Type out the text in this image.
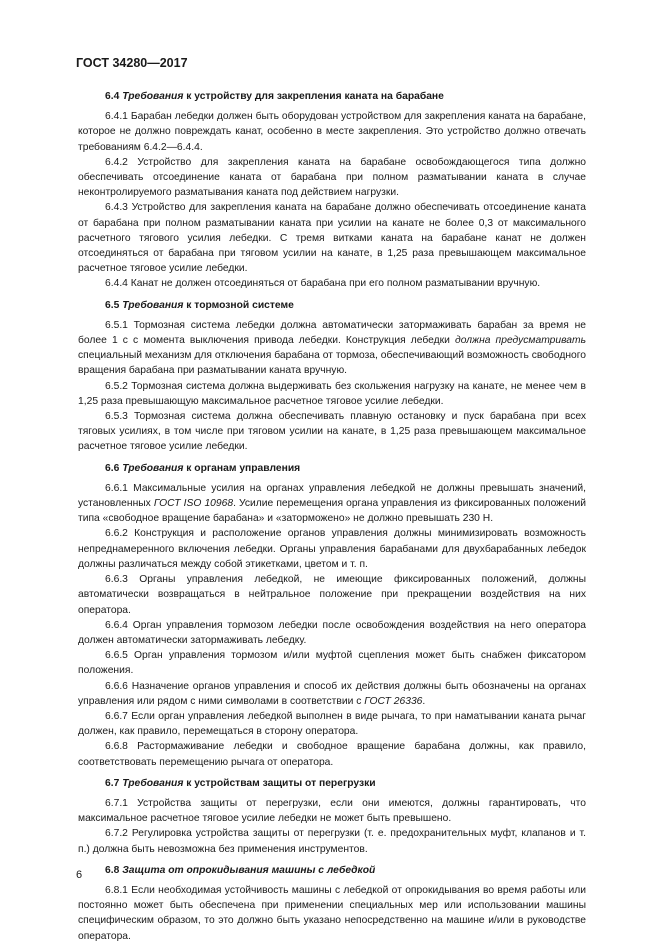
ГОСТ 34280—2017
6.4 Требования к устройству для закрепления каната на барабане

6.4.1 Барабан лебедки должен быть оборудован устройством для закрепления каната на барабане, которое не должно повреждать канат, особенно в месте закрепления. Это устройство должно отвечать требованиям 6.4.2—6.4.4.

6.4.2 Устройство для закрепления каната на барабане освобождающегося типа должно обеспечивать отсоединение каната от барабана при полном разматывании каната в случае неконтролируемого разматывания каната под действием нагрузки.

6.4.3 Устройство для закрепления каната на барабане должно обеспечивать отсоединение каната от барабана при полном разматывании каната при усилии на канате не более 0,3 от максимального расчетного тягового усилия лебедки. С тремя витками каната на барабане канат не должен отсоединяться от барабана при тяговом усилии на канате, в 1,25 раза превышающем максимальное расчетное тяговое усилие лебедки.

6.4.4 Канат не должен отсоединяться от барабана при его полном разматывании вручную.

6.5 Требования к тормозной системе

6.5.1 Тормозная система лебедки должна автоматически затормаживать барабан за время не более 1 с с момента выключения привода лебедки. Конструкция лебедки должна предусматривать специальный механизм для отключения барабана от тормоза, обеспечивающий возможность свободного вращения барабана при разматывании каната вручную.

6.5.2 Тормозная система должна выдерживать без скольжения нагрузку на канате, не менее чем в 1,25 раза превышающую максимальное расчетное тяговое усилие лебедки.

6.5.3 Тормозная система должна обеспечивать плавную остановку и пуск барабана при всех тяговых усилиях, в том числе при тяговом усилии на канате, в 1,25 раза превышающем максимальное расчетное тяговое усилие лебедки.

6.6 Требования к органам управления

6.6.1 Максимальные усилия на органах управления лебедкой не должны превышать значений, установленных ГОСТ ISO 10968. Усилие перемещения органа управления из фиксированных положений типа «свободное вращение барабана» и «заторможено» не должно превышать 230 Н.

6.6.2 Конструкция и расположение органов управления должны минимизировать возможность непреднамеренного включения лебедки. Органы управления барабанами для двухбарабанных лебедок должны различаться между собой этикетками, цветом и т. п.

6.6.3 Органы управления лебедкой, не имеющие фиксированных положений, должны автоматически возвращаться в нейтральное положение при прекращении воздействия на них оператора.

6.6.4 Орган управления тормозом лебедки после освобождения воздействия на него оператора должен автоматически затормаживать лебедку.

6.6.5 Орган управления тормозом и/или муфтой сцепления может быть снабжен фиксатором положения.

6.6.6 Назначение органов управления и способ их действия должны быть обозначены на органах управления или рядом с ними символами в соответствии с ГОСТ 26336.

6.6.7 Если орган управления лебедкой выполнен в виде рычага, то при наматывании каната рычаг должен, как правило, перемещаться в сторону оператора.

6.6.8 Растормаживание лебедки и свободное вращение барабана должны, как правило, соответствовать перемещению рычага от оператора.

6.7 Требования к устройствам защиты от перегрузки

6.7.1 Устройства защиты от перегрузки, если они имеются, должны гарантировать, что максимальное расчетное тяговое усилие лебедки не может быть превышено.

6.7.2 Регулировка устройства защиты от перегрузки (т. е. предохранительных муфт, клапанов и т. п.) должна быть невозможна без применения инструментов.

6.8 Защита от опрокидывания машины с лебедкой

6.8.1 Если необходимая устойчивость машины с лебедкой от опрокидывания во время работы или постоянно может быть обеспечена при применении специальных мер или использовании машины специфическим образом, то это должно быть указано непосредственно на машине и/или в руководстве оператора.

6
